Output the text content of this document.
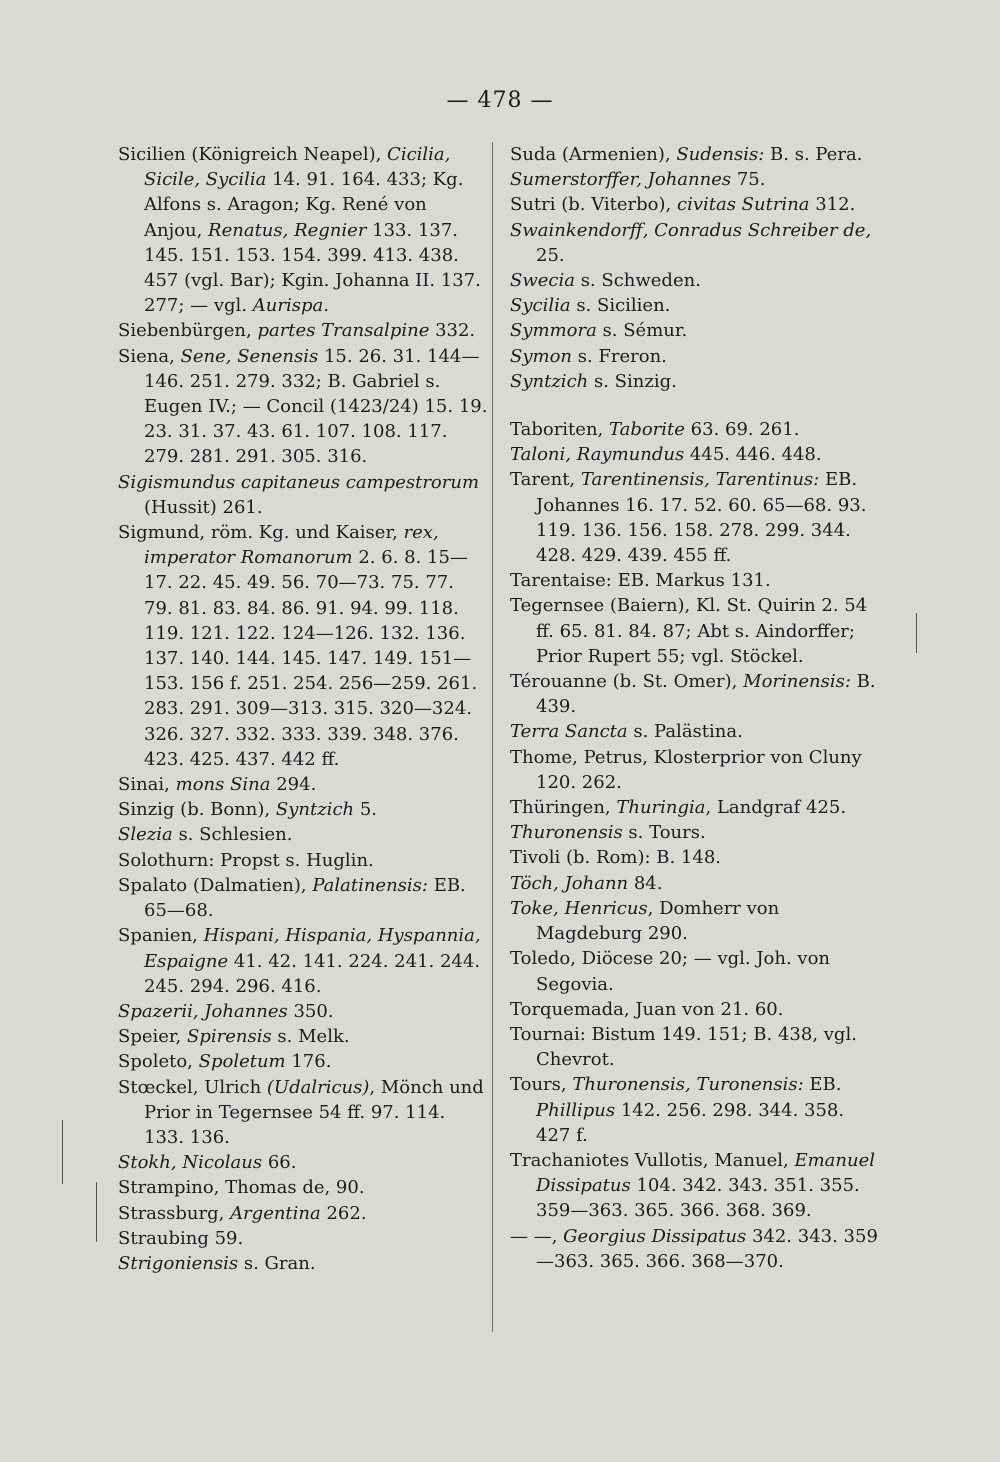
— 478 —
Sicilien (Königreich Neapel), Cicilia, Sicile, Sycilia 14. 91. 164. 433; Kg. Alfons s. Aragon; Kg. René von Anjou, Renatus, Regnier 133. 137. 145. 151. 153. 154. 399. 413. 438. 457 (vgl. Bar); Kgin. Johanna II. 137. 277; — vgl. Aurispa.
Siebenbürgen, partes Transalpine 332.
Siena, Sene, Senensis 15. 26. 31. 144—146. 251. 279. 332; B. Gabriel s. Eugen IV.; — Concil (1423/24) 15. 19. 23. 31. 37. 43. 61. 107. 108. 117. 279. 281. 291. 305. 316.
Sigismundus capitaneus campestrorum (Hussit) 261.
Sigmund, röm. Kg. und Kaiser, rex, imperator Romanorum 2. 6. 8. 15—17. 22. 45. 49. 56. 70—73. 75. 77. 79. 81. 83. 84. 86. 91. 94. 99. 118. 119. 121. 122. 124—126. 132. 136. 137. 140. 144. 145. 147. 149. 151—153. 156 f. 251. 254. 256—259. 261. 283. 291. 309—313. 315. 320—324. 326. 327. 332. 333. 339. 348. 376. 423. 425. 437. 442 ff.
Sinai, mons Sina 294.
Sinzig (b. Bonn), Syntzich 5.
Slezia s. Schlesien.
Solothurn: Propst s. Huglin.
Spalato (Dalmatien), Palatinensis: EB. 65—68.
Spanien, Hispani, Hispania, Hyspannia, Espaigne 41. 42. 141. 224. 241. 244. 245. 294. 296. 416.
Spazerii, Johannes 350.
Speier, Spirensis s. Melk.
Spoleto, Spoletum 176.
Stœckel, Ulrich (Udalricus), Mönch und Prior in Tegernsee 54 ff. 97. 114. 133. 136.
Stokh, Nicolaus 66.
Strampino, Thomas de, 90.
Strassburg, Argentina 262.
Straubing 59.
Strigoniensis s. Gran.
Suda (Armenien), Sudensis: B. s. Pera.
Sumerstorffer, Johannes 75.
Sutri (b. Viterbo), civitas Sutrina 312.
Swainkendorff, Conradus Schreiber de, 25.
Swecia s. Schweden.
Sycilia s. Sicilien.
Symmora s. Sémur.
Symon s. Freron.
Syntzich s. Sinzig.
Taboriten, Taborite 63. 69. 261.
Taloni, Raymundus 445. 446. 448.
Tarent, Tarentinensis, Tarentinus: EB. Johannes 16. 17. 52. 60. 65—68. 93. 119. 136. 156. 158. 278. 299. 344. 428. 429. 439. 455 ff.
Tarentaise: EB. Markus 131.
Tegernsee (Baiern), Kl. St. Quirin 2. 54 ff. 65. 81. 84. 87; Abt s. Aindorffer; Prior Rupert 55; vgl. Stöckel.
Térouanne (b. St. Omer), Morinensis: B. 439.
Terra Sancta s. Palästina.
Thome, Petrus, Klosterprior von Cluny 120. 262.
Thüringen, Thuringia, Landgraf 425.
Thuronensis s. Tours.
Tivoli (b. Rom): B. 148.
Töch, Johann 84.
Toke, Henricus, Domherr von Magdeburg 290.
Toledo, Diöcese 20; — vgl. Joh. von Segovia.
Torquemada, Juan von 21. 60.
Tournai: Bistum 149. 151; B. 438, vgl. Chevrot.
Tours, Thuronensis, Turonensis: EB. Phillipus 142. 256. 298. 344. 358. 427 f.
Trachaniotes Vullotis, Manuel, Emanuel Dissipatus 104. 342. 343. 351. 355. 359—363. 365. 366. 368. 369.
— —, Georgius Dissipatus 342. 343. 359—363. 365. 366. 368—370.
